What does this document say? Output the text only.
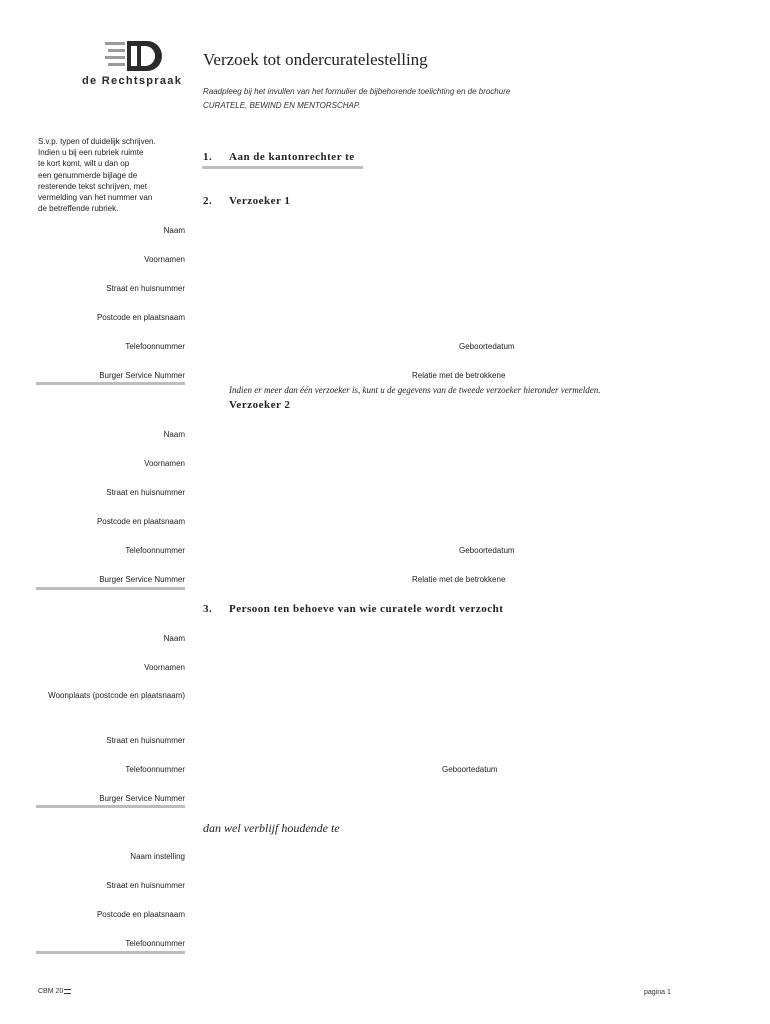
de Rechtspraak
Verzoek tot ondercuratelestelling
Raadpleeg bij het invullen van het formulier de bijbehorende toelichting en de brochure
CURATELE, BEWIND EN MENTORSCHAP.
S.v.p. typen of duidelijk schrijven.
Indien u bij een rubriek ruimte
te kort komt, wilt u dan op
een genummerde bijlage de
resterende tekst schrijven, met
vermelding van het nummer van
de betreffende rubriek.
1. Aan de kantonrechter te
2. Verzoeker 1
Naam
Voornamen
Straat en huisnummer
Postcode en plaatsnaam
Telefoonnummer	Geboortedatum
Burger Service Nummer	Relatie met de betrokkene
Indien er meer dan één verzoeker is, kunt u de gegevens van de tweede verzoeker hieronder vermelden.
Verzoeker 2
Naam
Voornamen
Straat en huisnummer
Postcode en plaatsnaam
Telefoonnummer	Geboortedatum
Burger Service Nummer	Relatie met de betrokkene
3. Persoon ten behoeve van wie curatele wordt verzocht
Naam
Voornamen
Woonplaats (postcode en plaatsnaam)
Straat en huisnummer
Telefoonnummer	Geboortedatum
Burger Service Nummer
dan wel verblijf houdende te
Naam instelling
Straat en huisnummer
Postcode en plaatsnaam
Telefoonnummer
CBM 20	pagina 1
